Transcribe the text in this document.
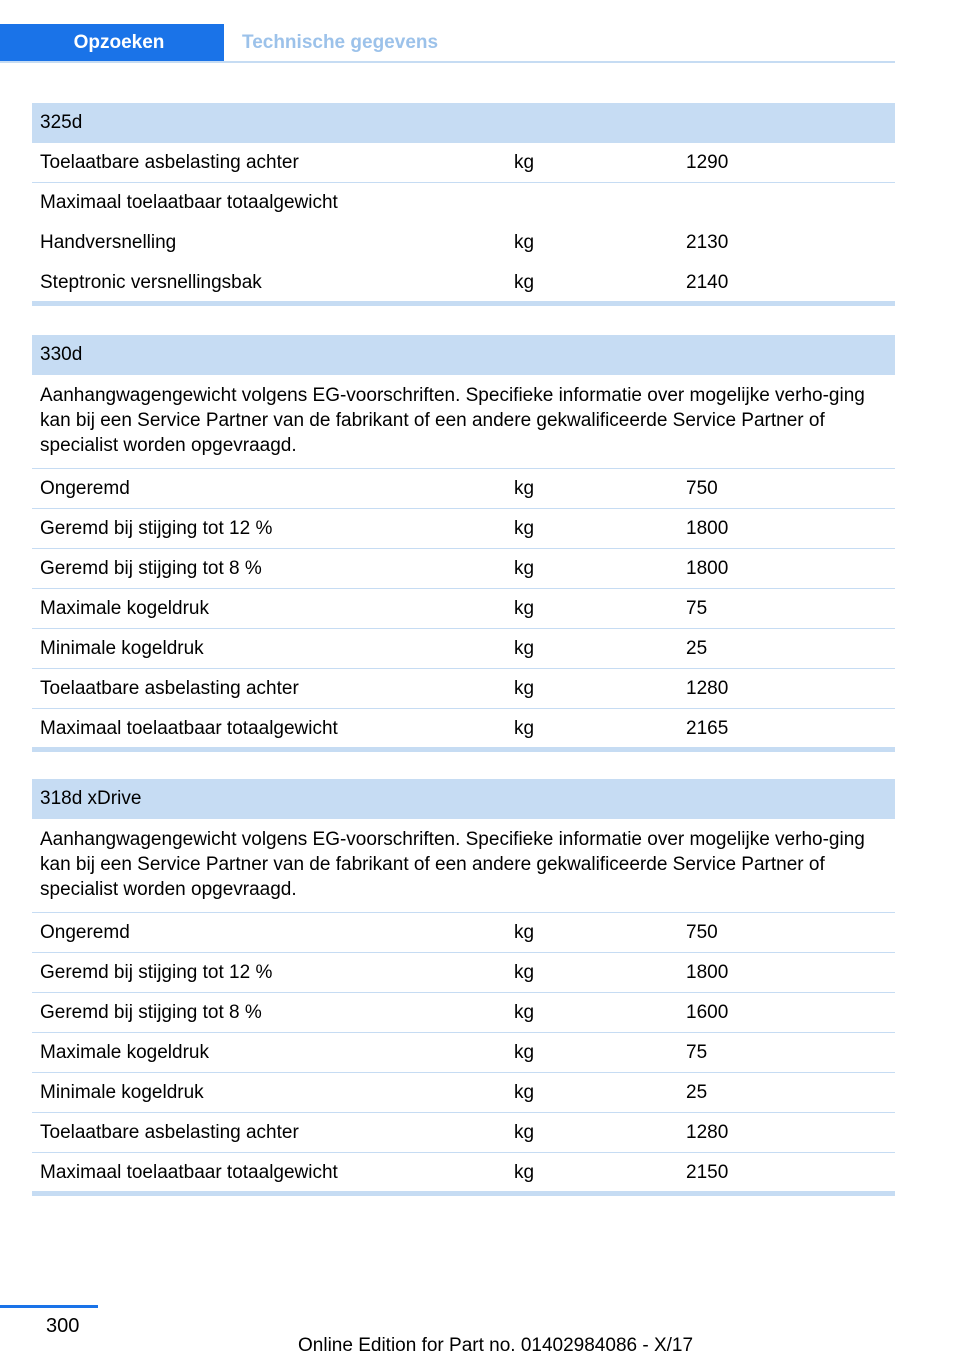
Opzoeken	Technische gegevens
325d
Toelaatbare asbelasting achter	kg	1290
Maximaal toelaatbaar totaalgewicht
Handversnelling	kg	2130
Steptronic versnellingsbak	kg	2140
330d
Aanhangwagengewicht volgens EG-voorschriften. Specifieke informatie over mogelijke verho-ging kan bij een Service Partner van de fabrikant of een andere gekwalificeerde Service Partner of specialist worden opgevraagd.
Ongeremd	kg	750
Geremd bij stijging tot 12 %	kg	1800
Geremd bij stijging tot 8 %	kg	1800
Maximale kogeldruk	kg	75
Minimale kogeldruk	kg	25
Toelaatbare asbelasting achter	kg	1280
Maximaal toelaatbaar totaalgewicht	kg	2165
318d xDrive
Aanhangwagengewicht volgens EG-voorschriften. Specifieke informatie over mogelijke verho-ging kan bij een Service Partner van de fabrikant of een andere gekwalificeerde Service Partner of specialist worden opgevraagd.
Ongeremd	kg	750
Geremd bij stijging tot 12 %	kg	1800
Geremd bij stijging tot 8 %	kg	1600
Maximale kogeldruk	kg	75
Minimale kogeldruk	kg	25
Toelaatbare asbelasting achter	kg	1280
Maximaal toelaatbaar totaalgewicht	kg	2150
300
Online Edition for Part no. 01402984086 - X/17
